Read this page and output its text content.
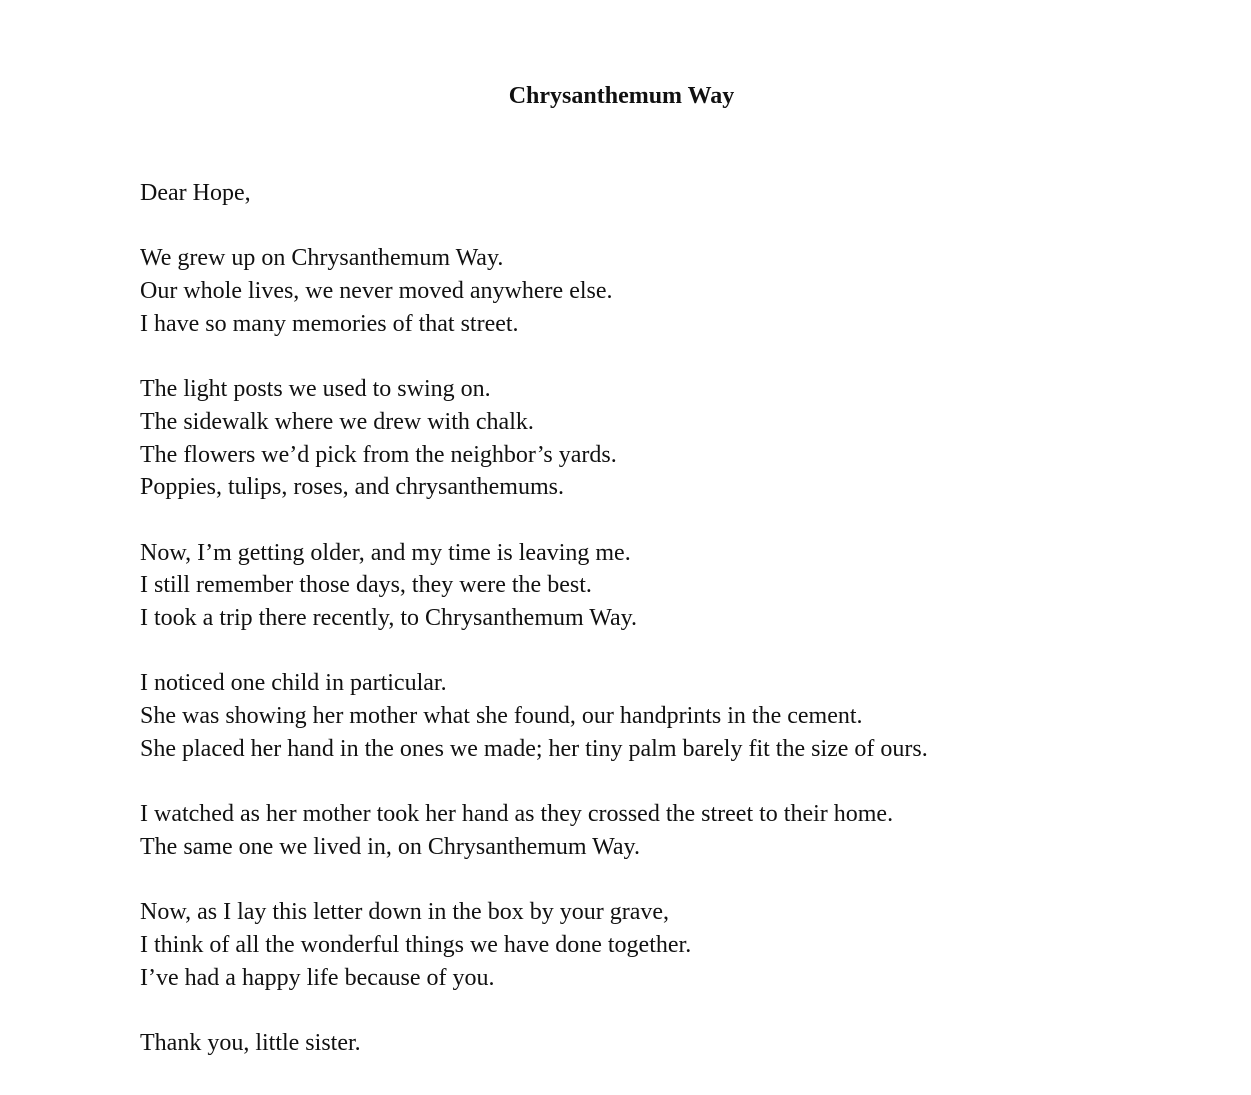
Chrysanthemum Way
Dear Hope,
We grew up on Chrysanthemum Way.
Our whole lives, we never moved anywhere else.
I have so many memories of that street.
The light posts we used to swing on.
The sidewalk where we drew with chalk.
The flowers we’d pick from the neighbor’s yards.
Poppies, tulips, roses, and chrysanthemums.
Now, I’m getting older, and my time is leaving me.
I still remember those days, they were the best.
I took a trip there recently, to Chrysanthemum Way.
I noticed one child in particular.
She was showing her mother what she found, our handprints in the cement.
She placed her hand in the ones we made; her tiny palm barely fit the size of ours.
I watched as her mother took her hand as they crossed the street to their home.
The same one we lived in, on Chrysanthemum Way.
Now, as I lay this letter down in the box by your grave,
I think of all the wonderful things we have done together.
I’ve had a happy life because of you.
Thank you, little sister.
